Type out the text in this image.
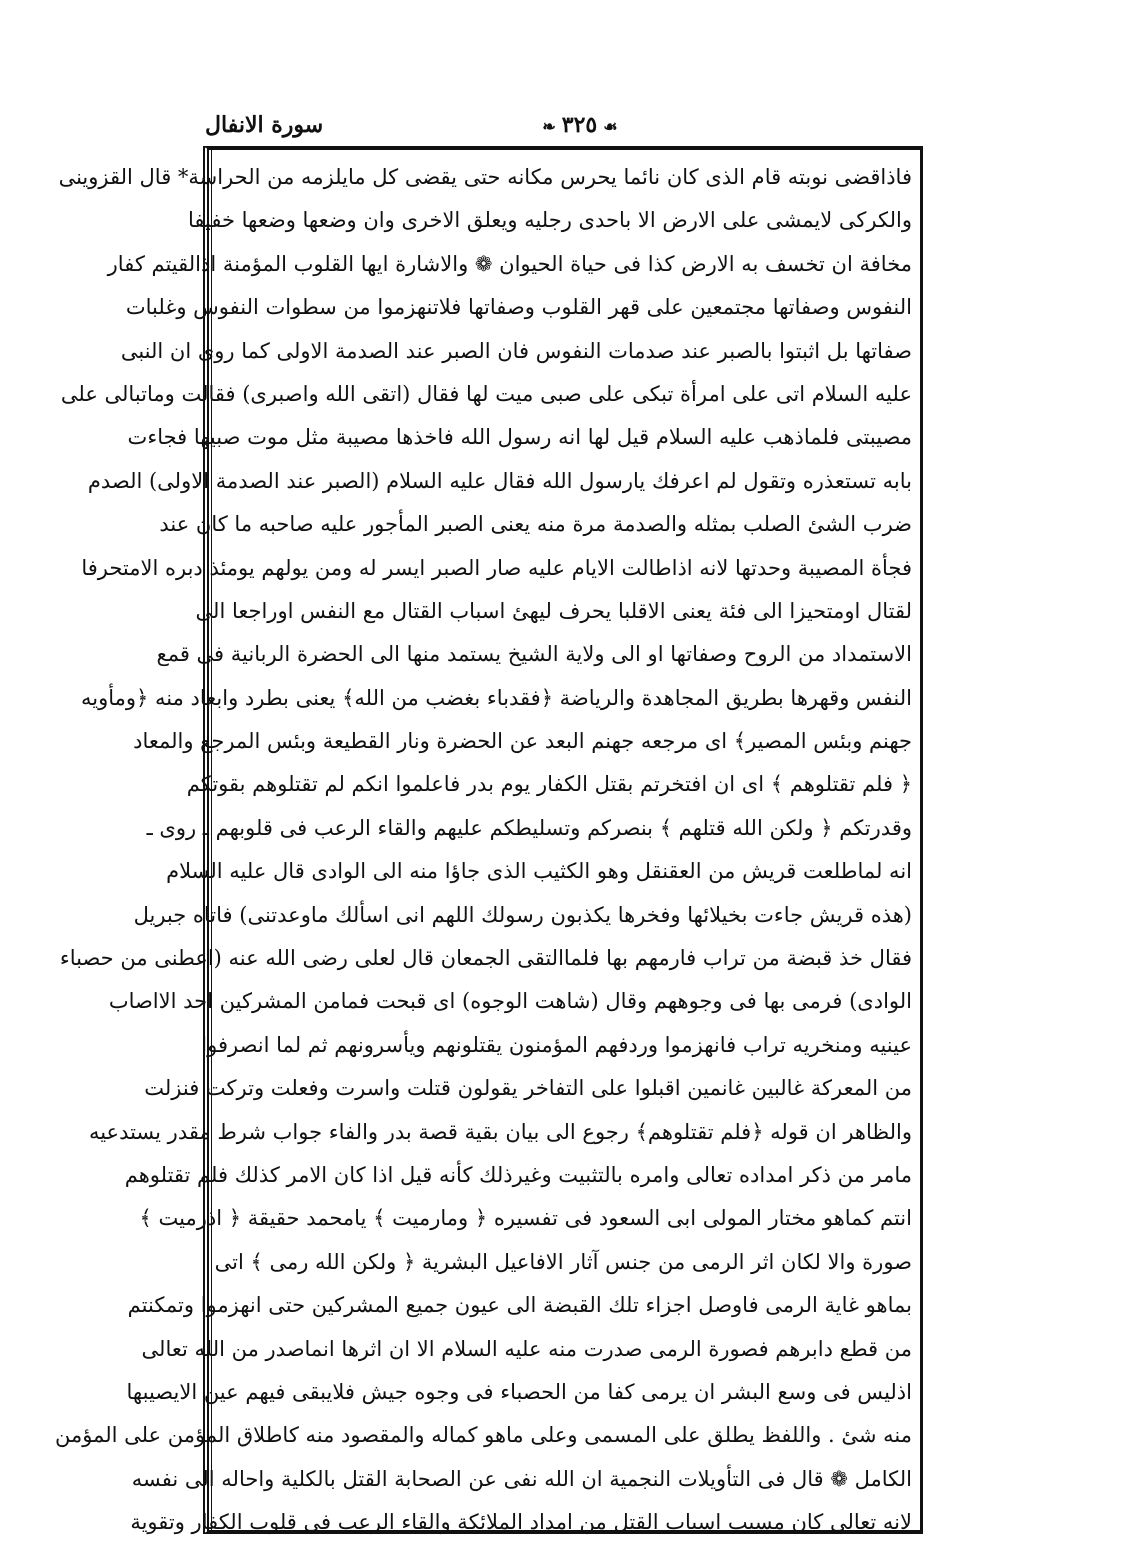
سورة الانفال	☙٣٢٥❧
فاذاقضى نوبته قام الذى كان نائما يحرس مكانه حتى يقضى كل مايلزمه من الحراسة* قال القزوينى
والكركى لايمشى على الارض الا باحدى رجليه ويعلق الاخرى وان وضعها وضعها خفيفا
مخافة ان تخسف به الارض كذا فى حياة الحيوان ❁ والاشارة ايها القلوب المؤمنة اذالقيتم كفار
النفوس وصفاتها مجتمعين على قهر القلوب وصفاتها فلاتنهزموا من سطوات النفوس وغلبات
صفاتها بل اثبتوا بالصبر عند صدمات النفوس فان الصبر عند الصدمة الاولى كما روى ان النبى
عليه السلام اتى على امرأة تبكى على صبى ميت لها فقال (اتقى الله واصبرى) فقالت وماتبالى على
مصيبتى فلماذهب عليه السلام قيل لها انه رسول الله فاخذها مصيبة مثل موت صبيها فجاءت
بابه تستعذره وتقول لم اعرفك يارسول الله فقال عليه السلام (الصبر عند الصدمة الاولى) الصدم
ضرب الشئ الصلب بمثله والصدمة مرة منه يعنى الصبر المأجور عليه صاحبه ما كان عند
فجأة المصيبة وحدتها لانه اذاطالت الايام عليه صار الصبر ايسر له ومن يولهم يومئذ دبره الامتحرفا
لقتال اومتحيزا الى فئة يعنى الاقلبا يحرف ليهئ اسباب القتال مع النفس اوراجعا الى
الاستمداد من الروح وصفاتها او الى ولاية الشيخ يستمد منها الى الحضرة الربانية فى قمع
النفس وقهرها بطريق المجاهدة والرياضة ﴿فقدباء بغضب من الله﴾ يعنى بطرد وابعاد منه ﴿ومأويه
جهنم وبئس المصير﴾ اى مرجعه جهنم البعد عن الحضرة ونار القطيعة وبئس المرجع والمعاد
﴿ فلم تقتلوهم ﴾ اى ان افتخرتم بقتل الكفار يوم بدر فاعلموا انكم لم تقتلوهم بقوتكم
وقدرتكم ﴿ ولكن الله قتلهم ﴾ بنصركم وتسليطكم عليهم والقاء الرعب فى قلوبهم ـ روى ـ
انه لماطلعت قريش من العقنقل وهو الكثيب الذى جاؤا منه الى الوادى قال عليه السلام
(هذه قريش جاءت بخيلائها وفخرها يكذبون رسولك اللهم انى اسألك ماوعدتنى) فاتاه جبريل
فقال خذ قبضة من تراب فارمهم بها فلماالتقى الجمعان قال لعلى رضى الله عنه (اعطنى من حصباء
الوادى) فرمى بها فى وجوههم وقال (شاهت الوجوه) اى قبحت فمامن المشركين احد الااصاب
عينيه ومنخريه تراب فانهزموا وردفهم المؤمنون يقتلونهم ويأسرونهم ثم لما انصرفوا
من المعركة غالبين غانمين اقبلوا على التفاخر يقولون قتلت واسرت وفعلت وتركت فنزلت
والظاهر ان قوله ﴿فلم تقتلوهم﴾ رجوع الى بيان بقية قصة بدر والفاء جواب شرط مقدر يستدعيه
مامر من ذكر امداده تعالى وامره بالتثبيت وغيرذلك كأنه قيل اذا كان الامر كذلك فلم تقتلوهم
انتم كماهو مختار المولى ابى السعود فى تفسيره ﴿ ومارميت ﴾ يامحمد حقيقة ﴿ اذرميت ﴾
صورة والا لكان اثر الرمى من جنس آثار الافاعيل البشرية ﴿ ولكن الله رمى ﴾ اتى
بماهو غاية الرمى فاوصل اجزاء تلك القبضة الى عيون جميع المشركين حتى انهزموا وتمكنتم
من قطع دابرهم فصورة الرمى صدرت منه عليه السلام الا ان اثرها انماصدر من الله تعالى
اذليس فى وسع البشر ان يرمى كفا من الحصباء فى وجوه جيش فلايبقى فيهم عين الايصيبها
منه شئ . واللفظ يطلق على المسمى وعلى ماهو كماله والمقصود منه كاطلاق المؤمن على المؤمن
الكامل ❁ قال فى التأويلات النجمية ان الله نفى عن الصحابة القتل بالكلية واحاله الى نفسه
لانه تعالى كان مسبب اسباب القتل من امداد الملائكة والقاء الرعب فى قلوب الكفار وتقوية
